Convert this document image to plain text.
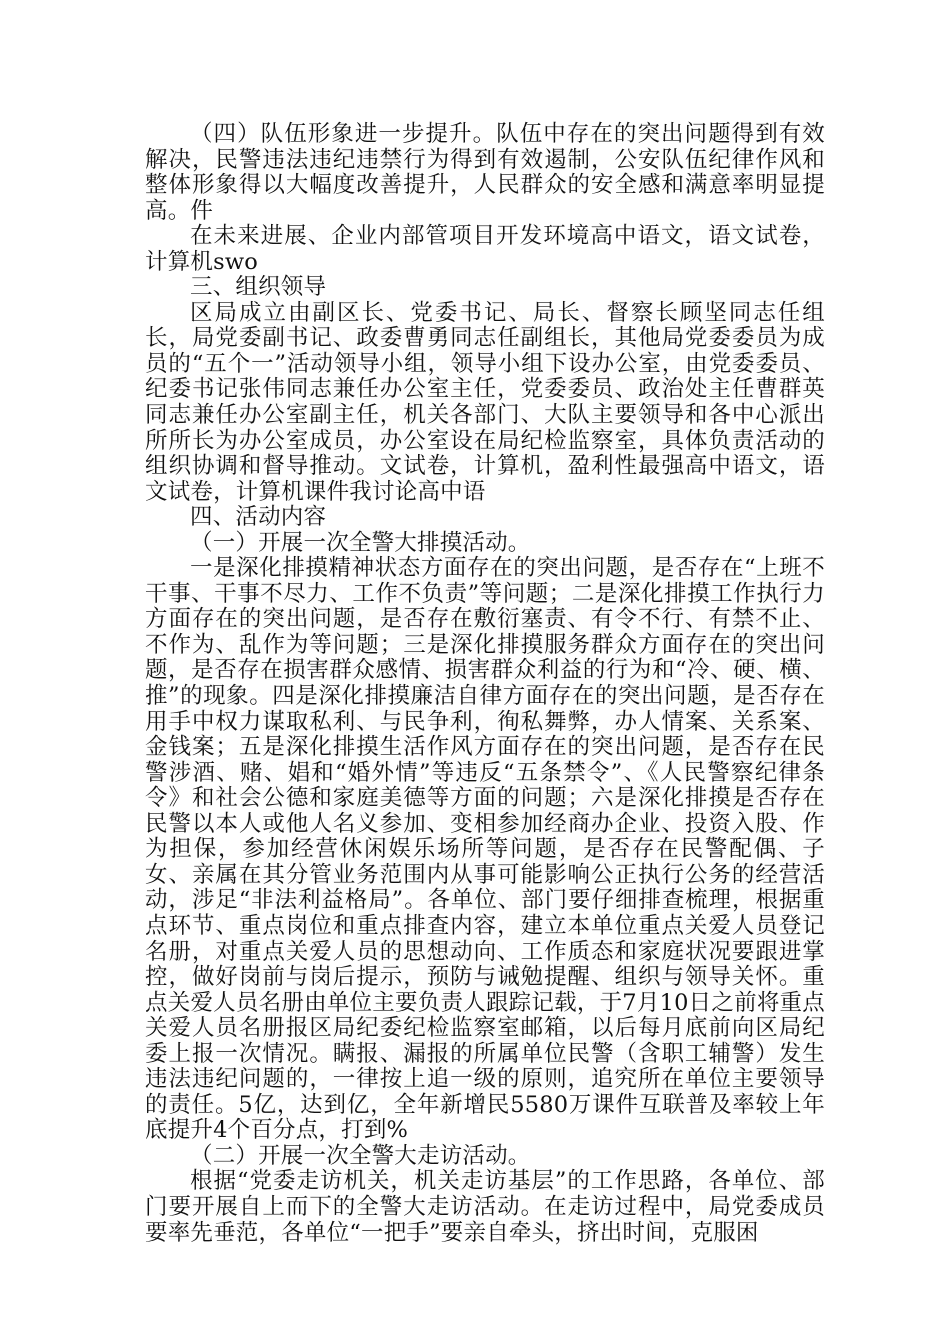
（四）队伍形象进一步提升。队伍中存在的突出问题得到有效解决，民警违法违纪违禁行为得到有效遏制，公安队伍纪律作风和整体形象得以大幅度改善提升，人民群众的安全感和满意率明显提高。件

在未来进展、企业内部管项目开发环境高中语文，语文试卷，计算机swo

三、组织领导

区局成立由副区长、党委书记、局长、督察长顾坚同志任组长，局党委副书记、政委曹勇同志任副组长，其他局党委委员为成员的“五个一”活动领导小组，领导小组下设办公室，由党委委员、纪委书记张伟同志兼任办公室主任，党委委员、政治处主任曹群英同志兼任办公室副主任，机关各部门、大队主要领导和各中心派出所所长为办公室成员，办公室设在局纪检监察室，具体负责活动的组织协调和督导推动。文试卷，计算机，盈利性最强高中语文，语文试卷，计算机课件我讨论高中语

四、活动内容

（一）开展一次全警大排摸活动。

一是深化排摸精神状态方面存在的突出问题，是否存在“上班不干事、干事不尽力、工作不负责”等问题；二是深化排摸工作执行力方面存在的突出问题，是否存在敷衍塞责、有令不行、有禁不止、不作为、乱作为等问题；三是深化排摸服务群众方面存在的突出问题，是否存在损害群众感情、损害群众利益的行为和“冷、硬、横、推”的现象。四是深化排摸廉洁自律方面存在的突出问题，是否存在用手中权力谋取私利、与民争利，徇私舞弊，办人情案、关系案、金钱案；五是深化排摸生活作风方面存在的突出问题，是否存在民警涉酒、赌、娼和“婚外情”等违反“五条禁令”、《人民警察纪律条令》和社会公德和家庭美德等方面的问题；六是深化排摸是否存在民警以本人或他人名义参加、变相参加经商办企业、投资入股、作为担保，参加经营休闲娱乐场所等问题，是否存在民警配偶、子女、亲属在其分管业务范围内从事可能影响公正执行公务的经营活动，涉足“非法利益格局”。各单位、部门要仔细排查梳理，根据重点环节、重点岗位和重点排查内容，建立本单位重点关爱人员登记名册，对重点关爱人员的思想动向、工作质态和家庭状况要跟进掌控，做好岗前与岗后提示，预防与诫勉提醒、组织与领导关怀。重点关爱人员名册由单位主要负责人跟踪记载，于7月10日之前将重点关爱人员名册报区局纪委纪检监察室邮箱，以后每月底前向区局纪委上报一次情况。瞒报、漏报的所属单位民警（含职工辅警）发生违法违纪问题的，一律按上追一级的原则，追究所在单位主要领导的责任。5亿，达到亿，全年新增民5580万课件互联普及率较上年底提升4个百分点，打到%

（二）开展一次全警大走访活动。

根据“党委走访机关，机关走访基层”的工作思路，各单位、部门要开展自上而下的全警大走访活动。在走访过程中，局党委成员要率先垂范，各单位“一把手”要亲自牵头，挤出时间，克服困
